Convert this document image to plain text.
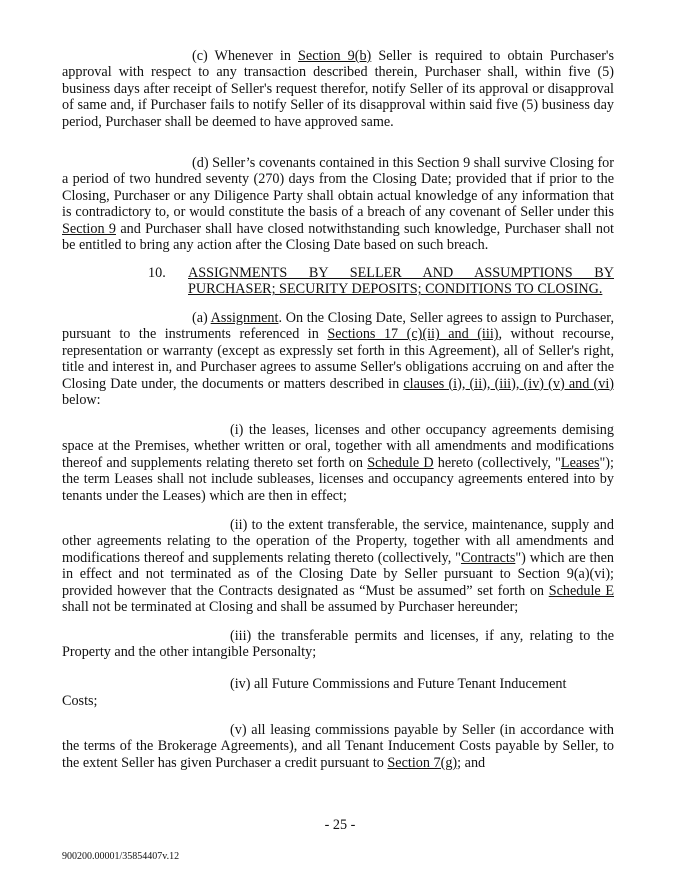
(c) Whenever in Section 9(b) Seller is required to obtain Purchaser's approval with respect to any transaction described therein, Purchaser shall, within five (5) business days after receipt of Seller's request therefor, notify Seller of its approval or disapproval of same and, if Purchaser fails to notify Seller of its disapproval within said five (5) business day period, Purchaser shall be deemed to have approved same.
(d) Seller’s covenants contained in this Section 9 shall survive Closing for a period of two hundred seventy (270) days from the Closing Date; provided that if prior to the Closing, Purchaser or any Diligence Party shall obtain actual knowledge of any information that is contradictory to, or would constitute the basis of a breach of any covenant of Seller under this Section 9 and Purchaser shall have closed notwithstanding such knowledge, Purchaser shall not be entitled to bring any action after the Closing Date based on such breach.
10. ASSIGNMENTS BY SELLER AND ASSUMPTIONS BY
PURCHASER; SECURITY DEPOSITS; CONDITIONS TO CLOSING.
(a) Assignment. On the Closing Date, Seller agrees to assign to Purchaser, pursuant to the instruments referenced in Sections 17 (c)(ii) and (iii), without recourse, representation or warranty (except as expressly set forth in this Agreement), all of Seller's right, title and interest in, and Purchaser agrees to assume Seller's obligations accruing on and after the Closing Date under, the documents or matters described in clauses (i), (ii), (iii), (iv) (v) and (vi) below:
(i) the leases, licenses and other occupancy agreements demising space at the Premises, whether written or oral, together with all amendments and modifications thereof and supplements relating thereto set forth on Schedule D hereto (collectively, "Leases"); the term Leases shall not include subleases, licenses and occupancy agreements entered into by tenants under the Leases) which are then in effect;
(ii) to the extent transferable, the service, maintenance, supply and other agreements relating to the operation of the Property, together with all amendments and modifications thereof and supplements relating thereto (collectively, "Contracts") which are then in effect and not terminated as of the Closing Date by Seller pursuant to Section 9(a)(vi); provided however that the Contracts designated as “Must be assumed” set forth on Schedule E shall not be terminated at Closing and shall be assumed by Purchaser hereunder;
(iii) the transferable permits and licenses, if any, relating to the Property and the other intangible Personalty;
(iv) all Future Commissions and Future Tenant Inducement
Costs;
(v) all leasing commissions payable by Seller (in accordance with the terms of the Brokerage Agreements), and all Tenant Inducement Costs payable by Seller, to the extent Seller has given Purchaser a credit pursuant to Section 7(g); and
- 25 -
900200.00001/35854407v.12
